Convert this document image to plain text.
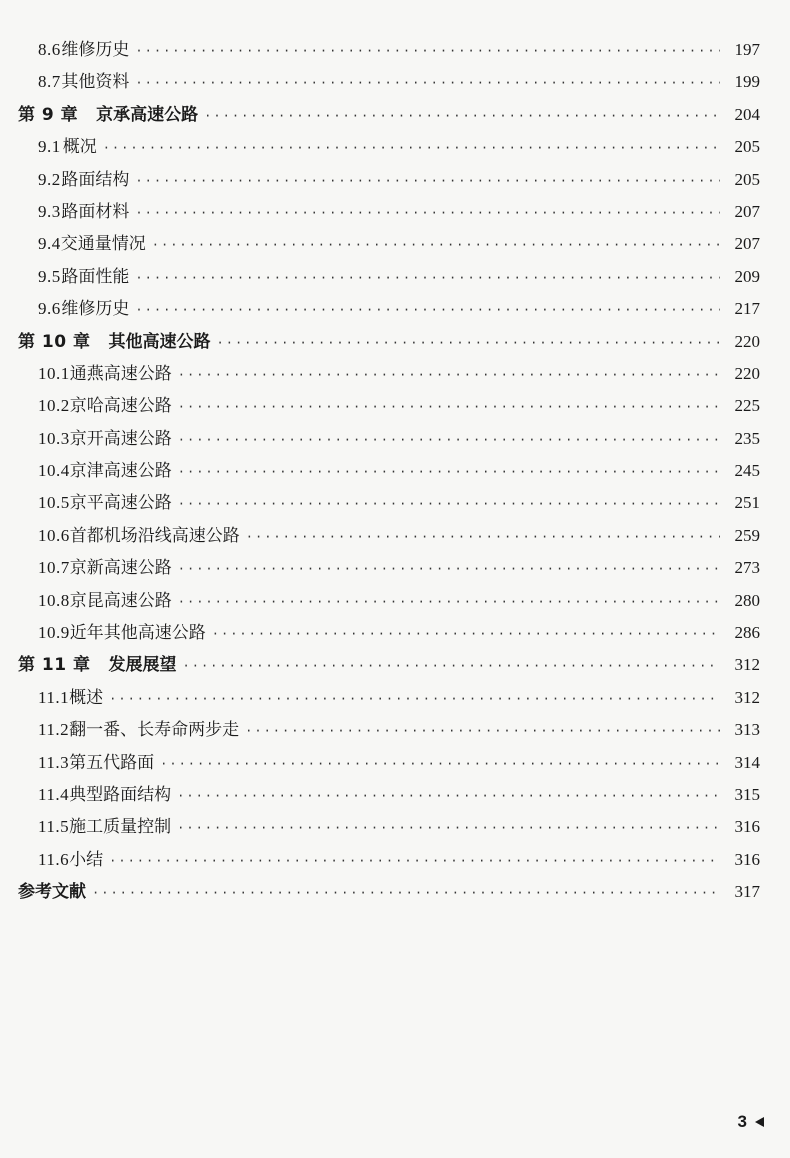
8.6 维修历史 ·····	197
8.7 其他资料 ·····	199
第 9 章 京承高速公路 ·····	204
9.1 概况 ·····	205
9.2 路面结构 ·····	205
9.3 路面材料 ·····	207
9.4 交通量情况 ·····	207
9.5 路面性能 ·····	209
9.6 维修历史 ·····	217
第 10 章 其他高速公路 ·····	220
10.1 通燕高速公路 ·····	220
10.2 京哈高速公路 ·····	225
10.3 京开高速公路 ·····	235
10.4 京津高速公路 ·····	245
10.5 京平高速公路 ·····	251
10.6 首都机场沿线高速公路 ·····	259
10.7 京新高速公路 ·····	273
10.8 京昆高速公路 ·····	280
10.9 近年其他高速公路 ·····	286
第 11 章 发展展望 ·····	312
11.1 概述 ·····	312
11.2 翻一番、长寿命两步走 ·····	313
11.3 第五代路面 ·····	314
11.4 典型路面结构 ·····	315
11.5 施工质量控制 ·····	316
11.6 小结 ·····	316
参考文献 ·····	317
3
